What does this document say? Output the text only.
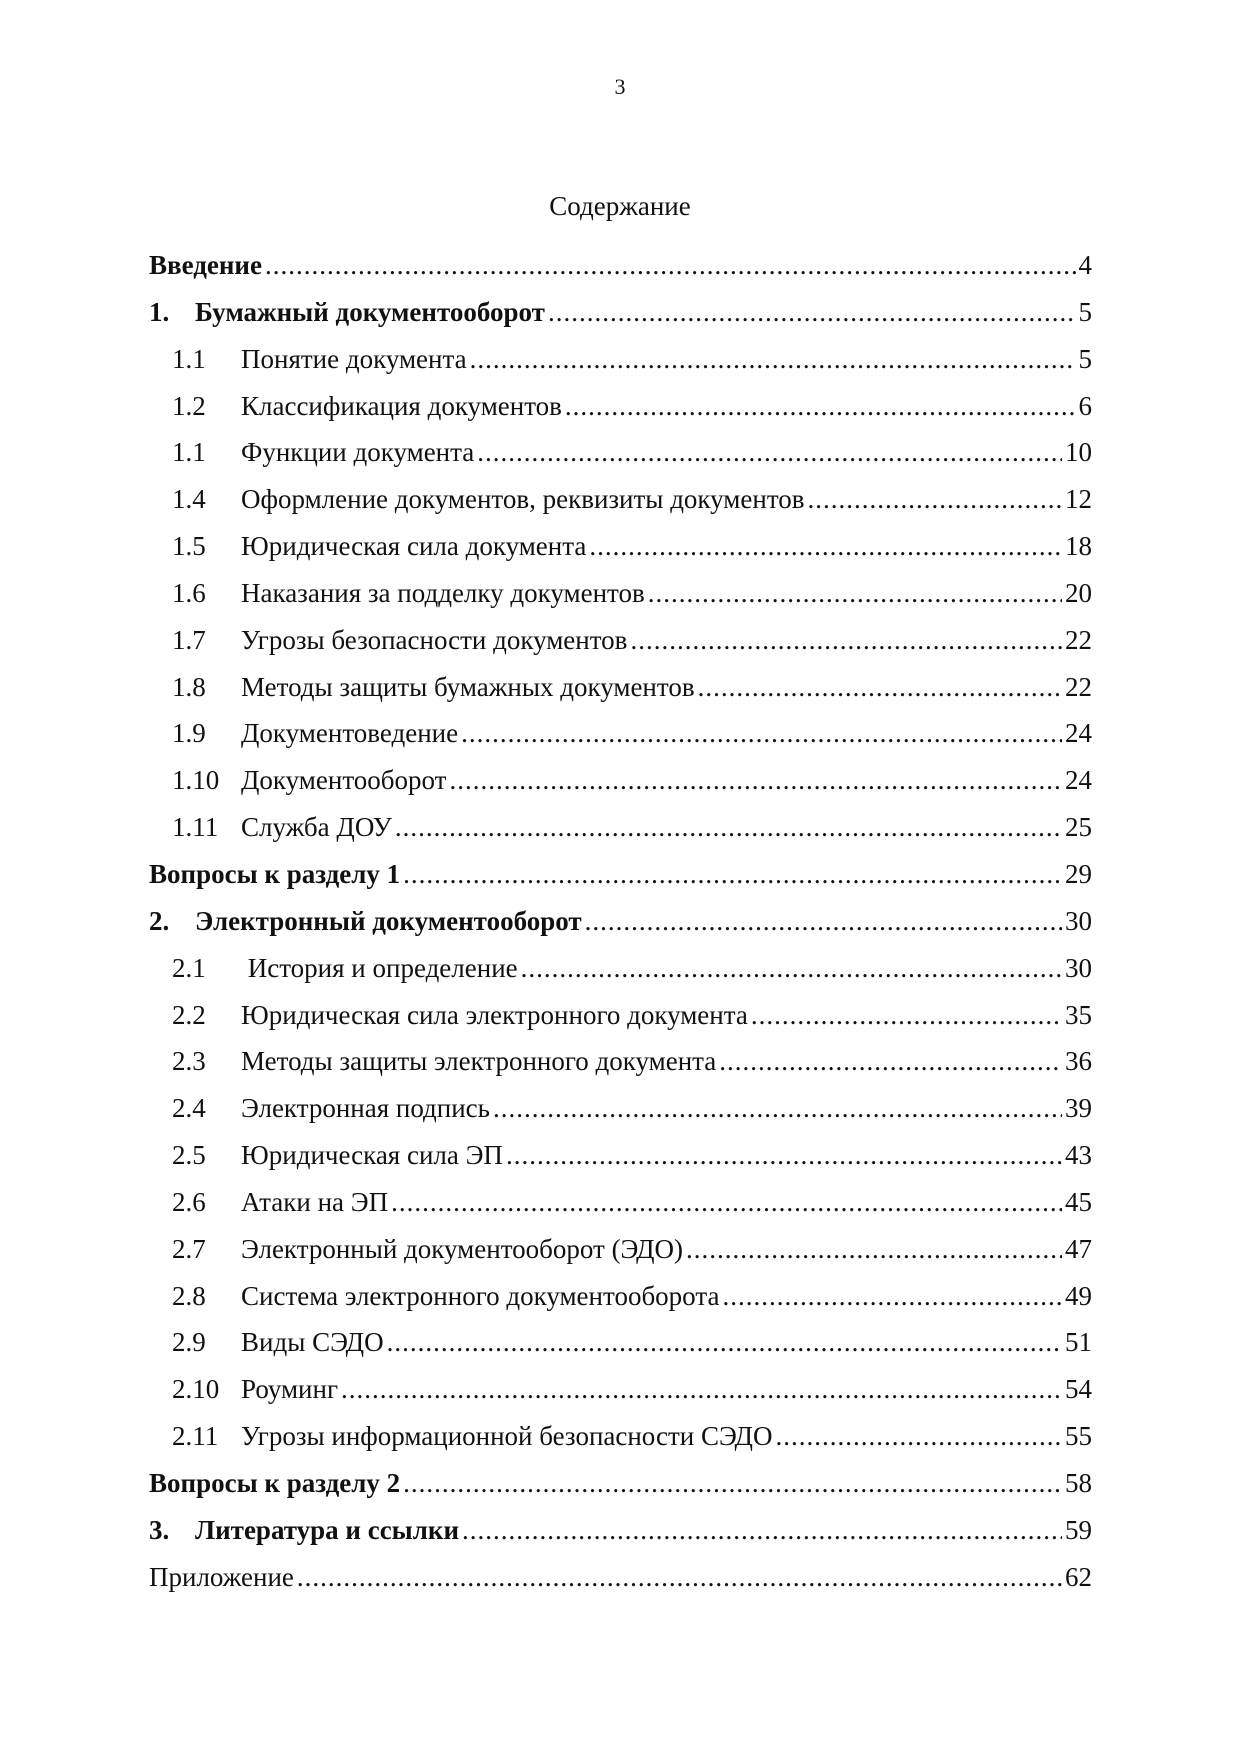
3
Содержание
Введение .....	4
1. Бумажный документооборот .....	5
1.1	Понятие документа .....	5
1.2	Классификация документов .....	6
1.1	Функции документа .....	10
1.4	Оформление документов, реквизиты документов .....	12
1.5	Юридическая сила документа .....	18
1.6	Наказания за подделку документов .....	20
1.7	Угрозы безопасности документов .....	22
1.8	Методы защиты бумажных документов .....	22
1.9	Документоведение .....	24
1.10 Документооборот .....	24
1.11 Служба ДОУ .....	25
Вопросы к разделу 1 .....	29
2. Электронный документооборот .....	30
2.1	История и определение .....	30
2.2	Юридическая сила электронного документа .....	35
2.3	Методы защиты электронного документа .....	36
2.4	Электронная подпись .....	39
2.5	Юридическая сила ЭП .....	43
2.6	Атаки на ЭП .....	45
2.7	Электронный документооборот (ЭДО) .....	47
2.8	Система электронного документооборота .....	49
2.9	Виды СЭДО .....	51
2.10 Роуминг .....	54
2.11 Угрозы информационной безопасности СЭДО .....	55
Вопросы к разделу 2 .....	58
3. Литература и ссылки .....	59
Приложение .....	62
